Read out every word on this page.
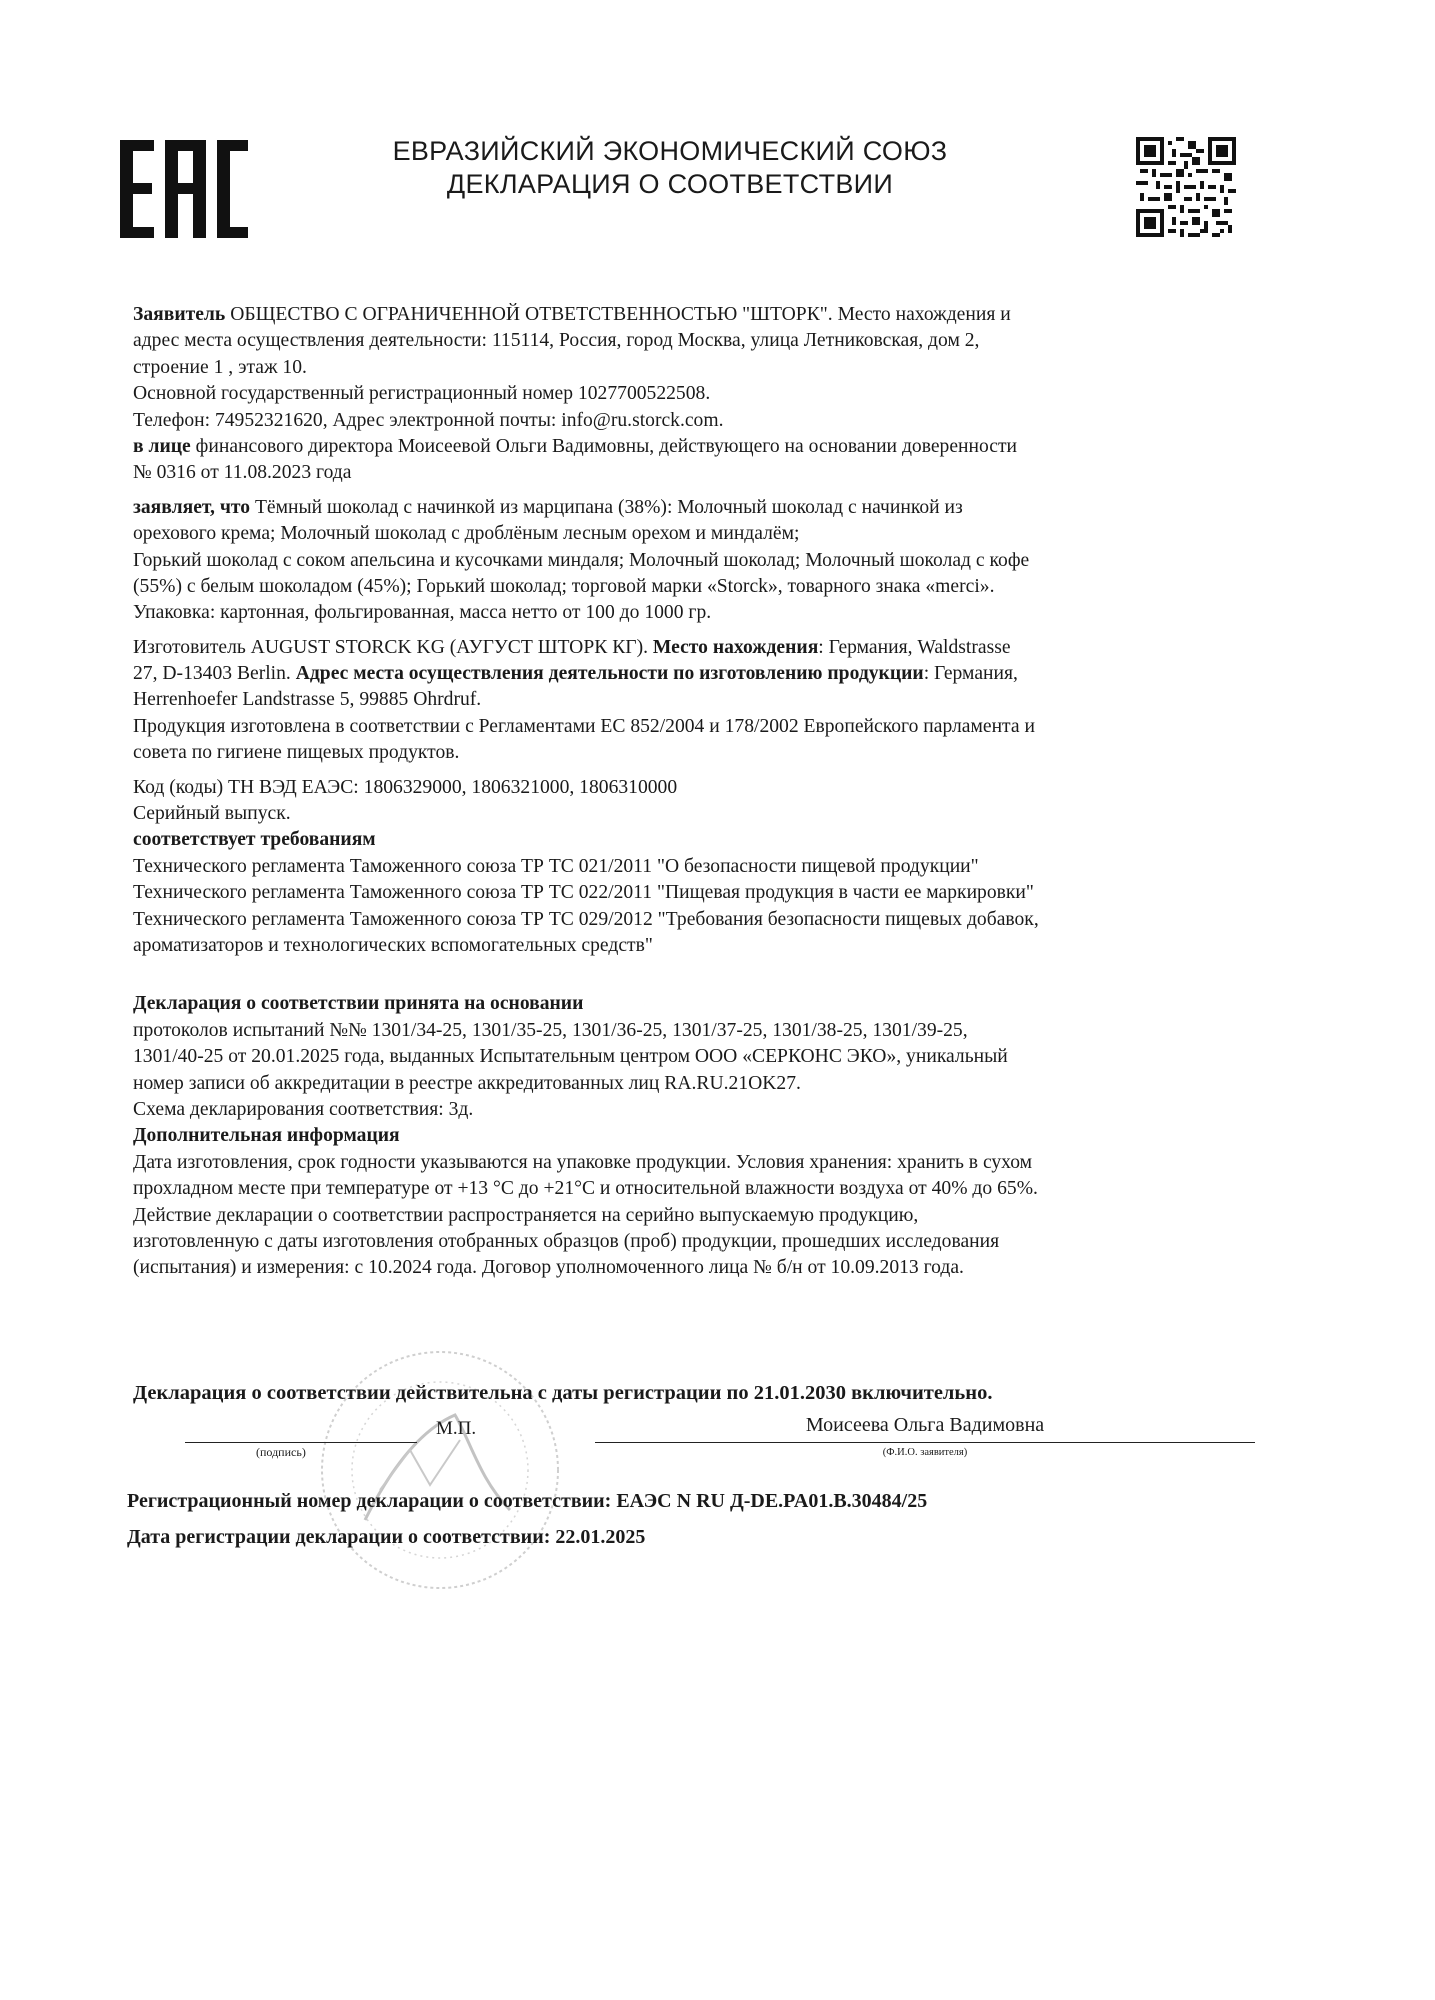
ЕВРАЗИЙСКИЙ ЭКОНОМИЧЕСКИЙ СОЮЗ
ДЕКЛАРАЦИЯ О СООТВЕТСТВИИ
Заявитель ОБЩЕСТВО С ОГРАНИЧЕННОЙ ОТВЕТСТВЕННОСТЬЮ "ШТОРК". Место нахождения и
адрес места осуществления деятельности: 115114, Россия, город Москва, улица Летниковская, дом 2,
строение 1 , этаж 10.
Основной государственный регистрационный номер 1027700522508.
Телефон: 74952321620, Адрес электронной почты: info@ru.storck.com.
в лице финансового директора Моисеевой Ольги Вадимовны, действующего на основании доверенности
№ 0316 от 11.08.2023 года
заявляет, что Тёмный шоколад с начинкой из марципана (38%): Молочный шоколад с начинкой из
орехового крема; Молочный шоколад с дроблёным лесным орехом и миндалём;
Горький шоколад с соком апельсина и кусочками миндаля; Молочный шоколад; Молочный шоколад с кофе
(55%) с белым шоколадом (45%); Горький шоколад; торговой марки «Storck», товарного знака «merci».
Упаковка: картонная, фольгированная, масса нетто от 100 до 1000 гр.
Изготовитель AUGUST STORCK KG (АУГУСТ ШТОРК КГ). Место нахождения: Германия, Waldstrasse
27, D-13403 Berlin. Адрес места осуществления деятельности по изготовлению продукции: Германия,
Herrenhoefer Landstrasse 5, 99885 Ohrdruf.
Продукция изготовлена в соответствии с Регламентами ЕС 852/2004 и 178/2002 Европейского парламента и
совета по гигиене пищевых продуктов.
Код (коды) ТН ВЭД ЕАЭС: 1806329000, 1806321000, 1806310000
Серийный выпуск.
соответствует требованиям
Технического регламента Таможенного союза ТР ТС 021/2011 "О безопасности пищевой продукции"
Технического регламента Таможенного союза ТР ТС 022/2011 "Пищевая продукция в части ее маркировки"
Технического регламента Таможенного союза ТР ТС 029/2012 "Требования безопасности пищевых добавок,
ароматизаторов и технологических вспомогательных средств"
Декларация о соответствии принята на основании
протоколов испытаний №№ 1301/34-25, 1301/35-25, 1301/36-25, 1301/37-25, 1301/38-25, 1301/39-25,
1301/40-25 от 20.01.2025 года, выданных Испытательным центром ООО «СЕРКОНС ЭКО», уникальный
номер записи об аккредитации в реестре аккредитованных лиц RA.RU.21OK27.
Схема декларирования соответствия: 3д.
Дополнительная информация
Дата изготовления, срок годности указываются на упаковке продукции. Условия хранения: хранить в сухом
прохладном месте при температуре от +13 °С до +21°С и относительной влажности воздуха от 40% до 65%.
Действие декларации о соответствии распространяется на серийно выпускаемую продукцию,
изготовленную с даты изготовления отобранных образцов (проб) продукции, прошедших исследования
(испытания) и измерения: с 10.2024 года. Договор уполномоченного лица № б/н от 10.09.2013 года.
Декларация о соответствии действительна с даты регистрации по 21.01.2030 включительно.
М.П.
(подпись)
Моисеева Ольга Вадимовна
(Ф.И.О. заявителя)
Регистрационный номер декларации о соответствии: ЕАЭС N RU Д-DE.PA01.B.30484/25
Дата регистрации декларации о соответствии: 22.01.2025
